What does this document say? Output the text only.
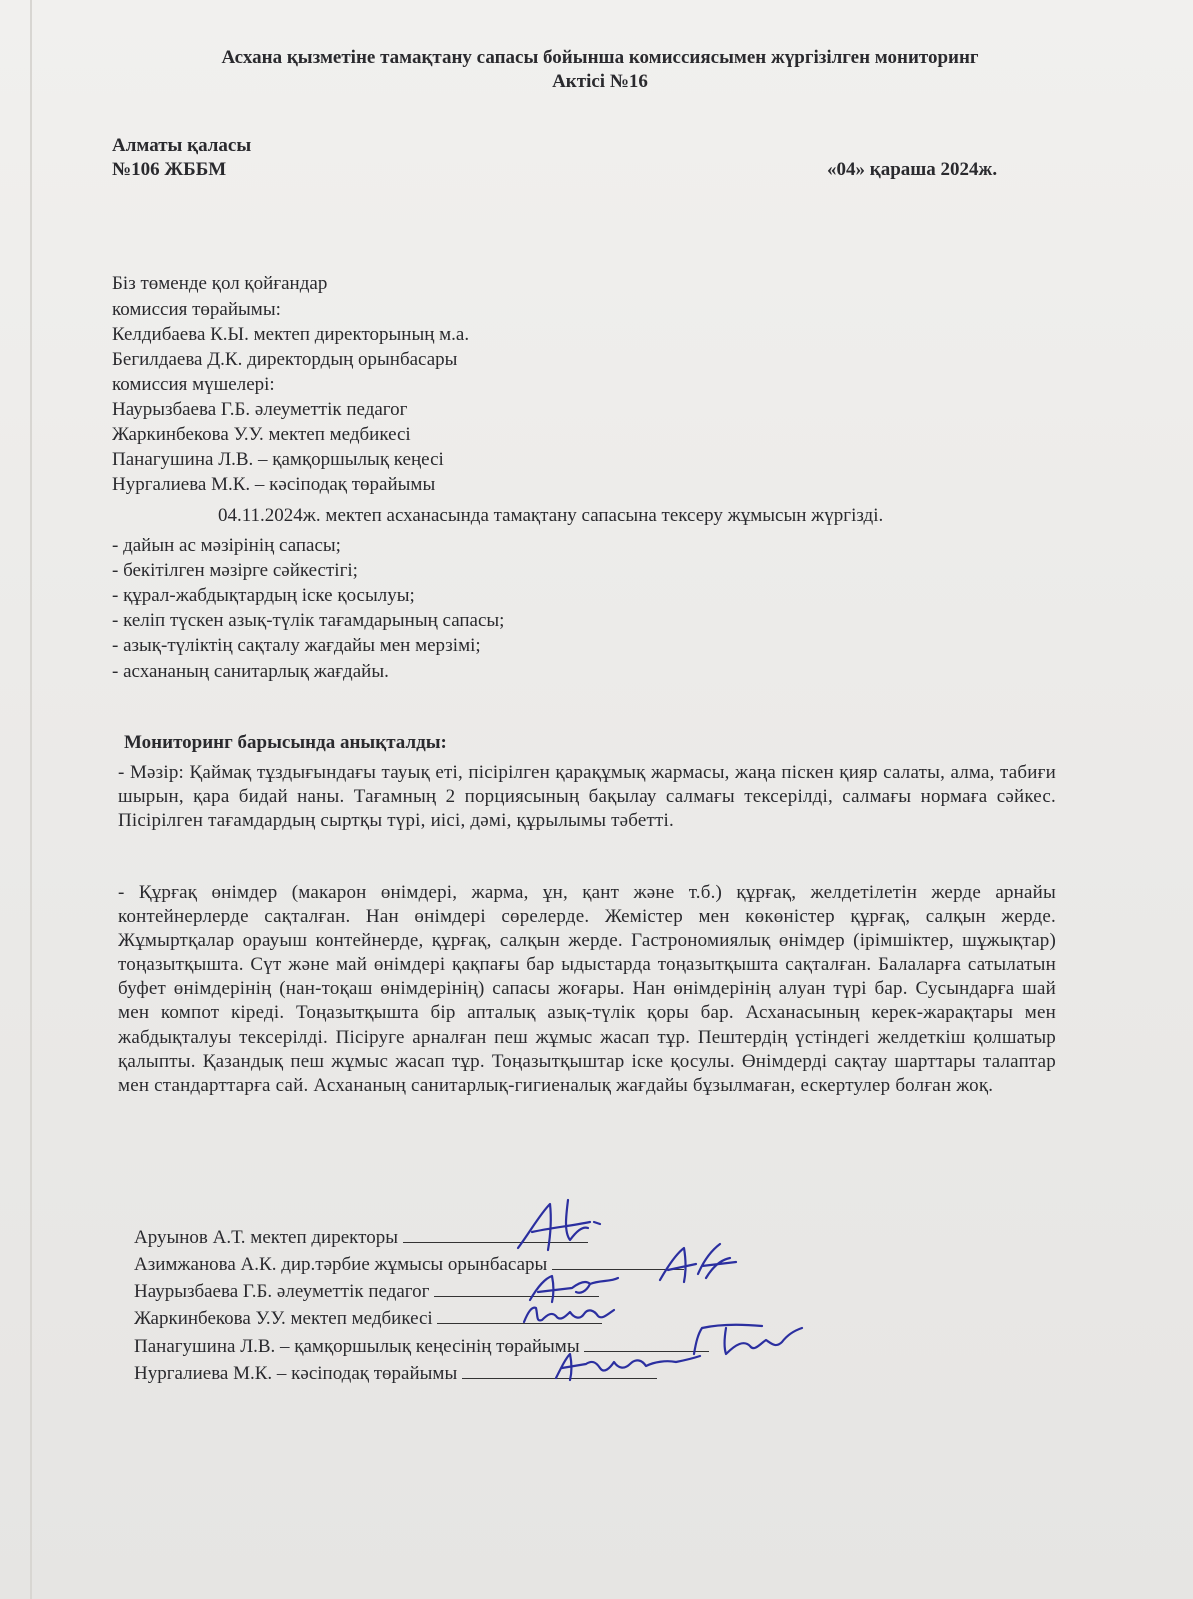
Асхана қызметіне тамақтану сапасы бойынша комиссиясымен жүргізілген мониторинг
Актісі №16
Алматы қаласы
№106 ЖББМ	«04» қараша 2024ж.
Біз төменде қол қойғандар
комиссия төрайымы:
Келдибаева К.Ы. мектеп директорының м.а.
Бегилдаева Д.К. директордың орынбасары
комиссия мүшелері:
Наурызбаева Г.Б. әлеуметтік педагог
Жаркинбекова У.У. мектеп медбикесі
Панагушина Л.В. – қамқоршылық кеңесі
Нургалиева М.К. – кәсіподақ төрайымы
04.11.2024ж. мектеп асханасында тамақтану сапасына тексеру жұмысын жүргізді.
- дайын ас мәзірінің сапасы;
- бекітілген мәзірге сәйкестігі;
- құрал-жабдықтардың іске қосылуы;
- келіп түскен азық-түлік тағамдарының сапасы;
- азық-түліктің сақталу жағдайы мен мерзімі;
- асхананың санитарлық жағдайы.
Мониторинг барысында анықталды:
- Мәзір: Қаймақ тұздығындағы тауық еті, пісірілген қарақұмық жармасы, жаңа піскен қияр салаты, алма, табиғи шырын, қара бидай наны. Тағамның 2 порциясының бақылау салмағы тексерілді, салмағы нормаға сәйкес. Пісірілген тағамдардың сыртқы түрі, иісі, дәмі, құрылымы тәбетті.
- Құрғақ өнімдер (макарон өнімдері, жарма, ұн, қант және т.б.) құрғақ, желдетілетін жерде арнайы контейнерлерде сақталған. Нан өнімдері сөрелерде. Жемістер мен көкөністер құрғақ, салқын жерде. Жұмыртқалар орауыш контейнерде, құрғақ, салқын жерде. Гастрономиялық өнімдер (ірімшіктер, шұжықтар) тоңазытқышта. Сүт және май өнімдері қақпағы бар ыдыстарда тоңазытқышта сақталған. Балаларға сатылатын буфет өнімдерінің (нан-тоқаш өнімдерінің) сапасы жоғары. Нан өнімдерінің алуан түрі бар. Сусындарға шай мен компот кіреді. Тоңазытқышта бір апталық азық-түлік қоры бар. Асханасының керек-жарақтары мен жабдықталуы тексерілді. Пісіруге арналған пеш жұмыс жасап тұр. Пештердің үстіндегі желдеткіш қолшатыр қалыпты. Қазандық пеш жұмыс жасап тұр. Тоңазытқыштар іске қосулы. Өнімдерді сақтау шарттары талаптар мен стандарттарға сай. Асхананың санитарлық-гигиеналық жағдайы бұзылмаған, ескертулер болған жоқ.
Аруынов А.Т. мектеп директоры
Азимжанова А.К. дир.тәрбие жұмысы орынбасары
Наурызбаева Г.Б. әлеуметтік педагог
Жаркинбекова У.У. мектеп медбикесі
Панагушина Л.В. – қамқоршылық кеңесінің төрайымы
Нургалиева М.К. – кәсіподақ төрайымы
